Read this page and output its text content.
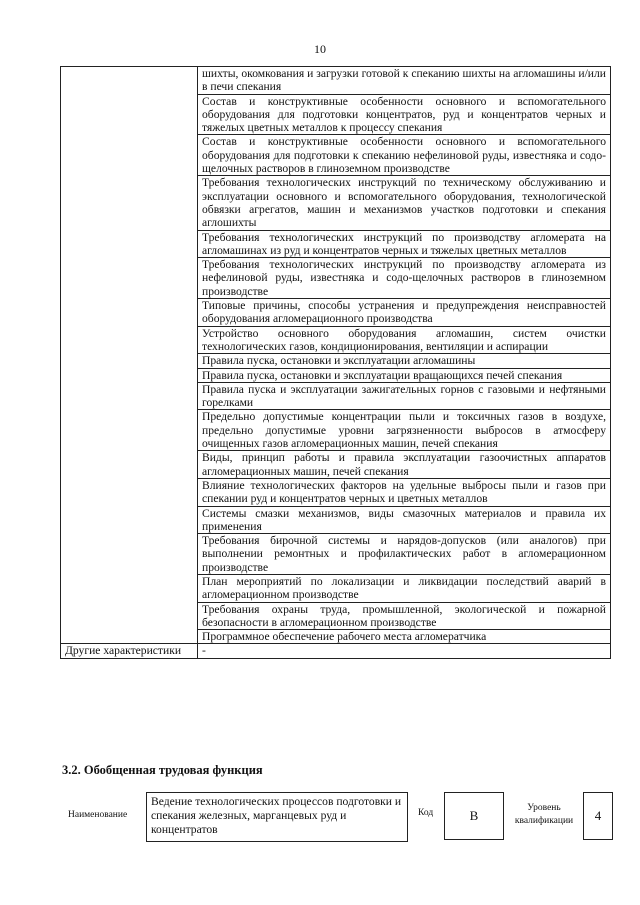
10
	шихты, окомкования и загрузки готовой к спеканию шихты на агломашины и/или в печи спекания
	Состав и конструктивные особенности основного и вспомогательного оборудования для подготовки концентратов, руд и концентратов черных и тяжелых цветных металлов к процессу спекания
	Состав и конструктивные особенности основного и вспомогательного оборудования для подготовки к спеканию нефелиновой руды, известняка и содо-щелочных растворов в глиноземном производстве
	Требования технологических инструкций по техническому обслуживанию и эксплуатации основного и вспомогательного оборудования, технологической обвязки агрегатов, машин и механизмов участков подготовки и спекания аглошихты
	Требования технологических инструкций по производству агломерата на агломашинах из руд и концентратов черных и тяжелых цветных металлов
	Требования технологических инструкций по производству агломерата из нефелиновой руды, известняка и содо-щелочных растворов в глиноземном производстве
	Типовые причины, способы устранения и предупреждения неисправностей оборудования агломерационного производства
	Устройство основного оборудования агломашин, систем очистки технологических газов, кондиционирования, вентиляции и аспирации
	Правила пуска, остановки и эксплуатации агломашины
	Правила пуска, остановки и эксплуатации вращающихся печей спекания
	Правила пуска и эксплуатации зажигательных горнов с газовыми и нефтяными горелками
	Предельно допустимые концентрации пыли и токсичных газов в воздухе, предельно допустимые уровни загрязненности выбросов в атмосферу очищенных газов агломерационных машин, печей спекания
	Виды, принцип работы и правила эксплуатации газоочистных аппаратов агломерационных машин, печей спекания
	Влияние технологических факторов на удельные выбросы пыли и газов при спекании руд и концентратов черных и цветных металлов
	Системы смазки механизмов, виды смазочных материалов и правила их применения
	Требования бирочной системы и нарядов-допусков (или аналогов) при выполнении ремонтных и профилактических работ в агломерационном производстве
	План мероприятий по локализации и ликвидации последствий аварий в агломерационном производстве
	Требования охраны труда, промышленной, экологической и пожарной безопасности в агломерационном производстве
	Программное обеспечение рабочего места агломератчика
Другие характеристики	-
3.2. Обобщенная трудовая функция
Наименование
Ведение технологических процессов подготовки и спекания железных, марганцевых руд и концентратов
Код	B	Уровень квалификации	4
